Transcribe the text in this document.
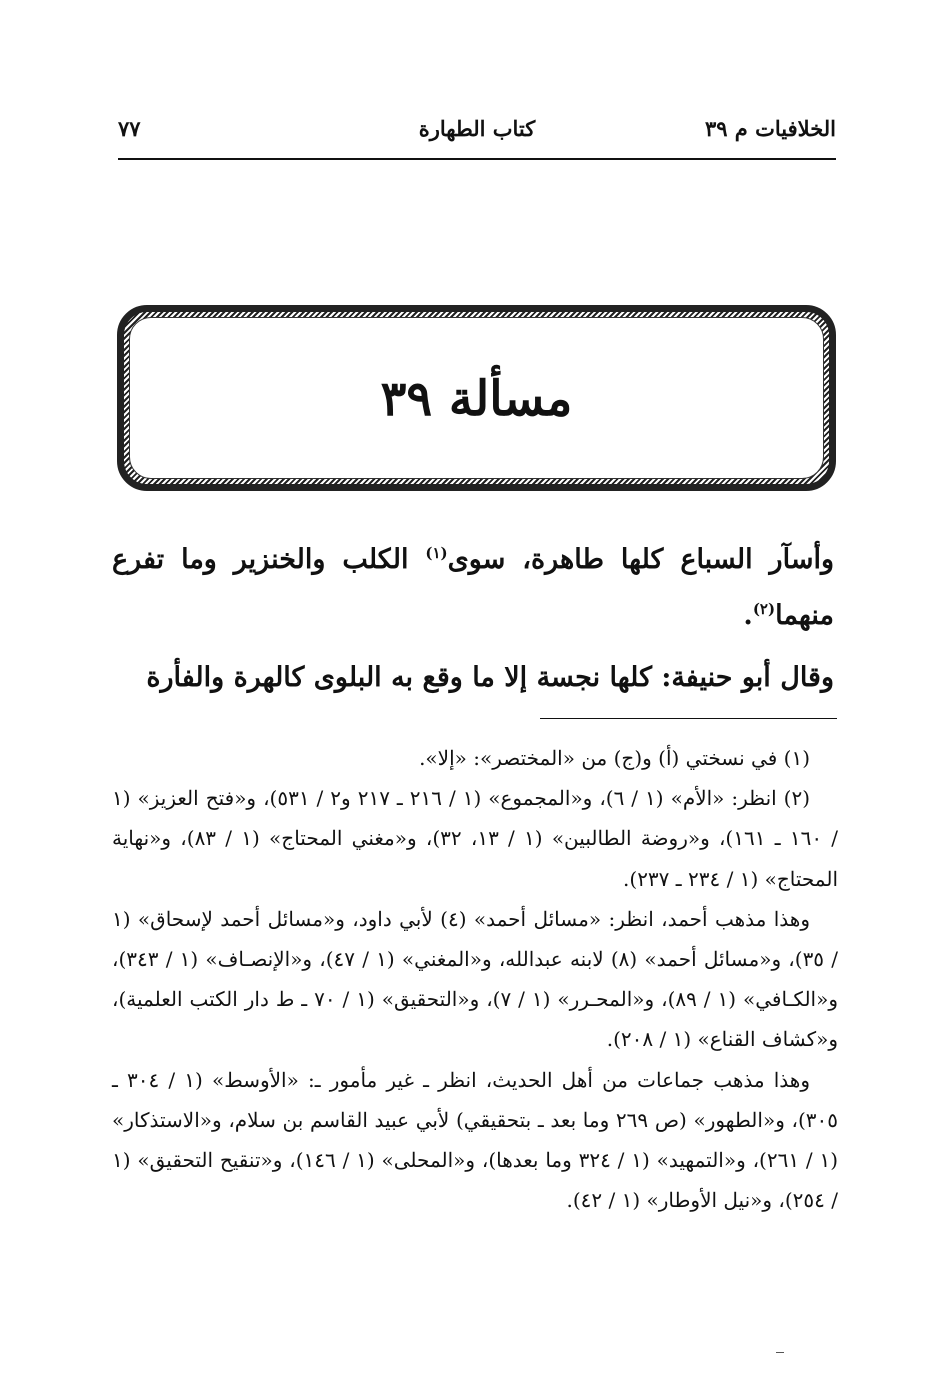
الخلافيات م ٣٩
كتاب الطهارة
٧٧
مسألة ٣٩

وأسآر السباع كلها طاهرة، سوى$^{(١)}$ الكلب والخنزير وما تفرع منهما$^{(٢)}$.

وقال أبو حنيفة: كلها نجسة إلا ما وقع به البلوى كالهرة والفأرة

(١) في نسختي (أ) و(ج) من «المختصر»: «إلا».

(٢) انظر: «الأم» (١ / ٦)، و«المجموع» (١ / ٢١٦ ـ ٢١٧ و٢ / ٥٣١)، و«فتح العزيز» (١ / ١٦٠ ـ ١٦١)، و«روضة الطالبين» (١ / ١٣، ٣٢)، و«مغني المحتاج» (١ / ٨٣)، و«نهاية المحتاج» (١ / ٢٣٤ ـ ٢٣٧).

وهذا مذهب أحمد، انظر: «مسائل أحمد» (٤) لأبي داود، و«مسائل أحمد لإسحاق» (١ / ٣٥)، و«مسائل أحمد» (٨) لابنه عبدالله، و«المغني» (١ / ٤٧)، و«الإنصـاف» (١ / ٣٤٣)، و«الكـافي» (١ / ٨٩)، و«المحـرر» (١ / ٧)، و«التحقيق» (١ / ٧٠ ـ ط دار الكتب العلمية)، و«كشاف القناع» (١ / ٢٠٨).

وهذا مذهب جماعات من أهل الحديث، انظر ـ غير مأمور ـ: «الأوسط» (١ / ٣٠٤ ـ ٣٠٥)، و«الطهور» (ص ٢٦٩ وما بعد ـ بتحقيقي) لأبي عبيد القاسم بن سلام، و«الاستذكار» (١ / ٢٦١)، و«التمهيد» (١ / ٣٢٤ وما بعدها)، و«المحلى» (١ / ١٤٦)، و«تنقيح التحقيق» (١ / ٢٥٤)، و«نيل الأوطار» (١ / ٤٢).
